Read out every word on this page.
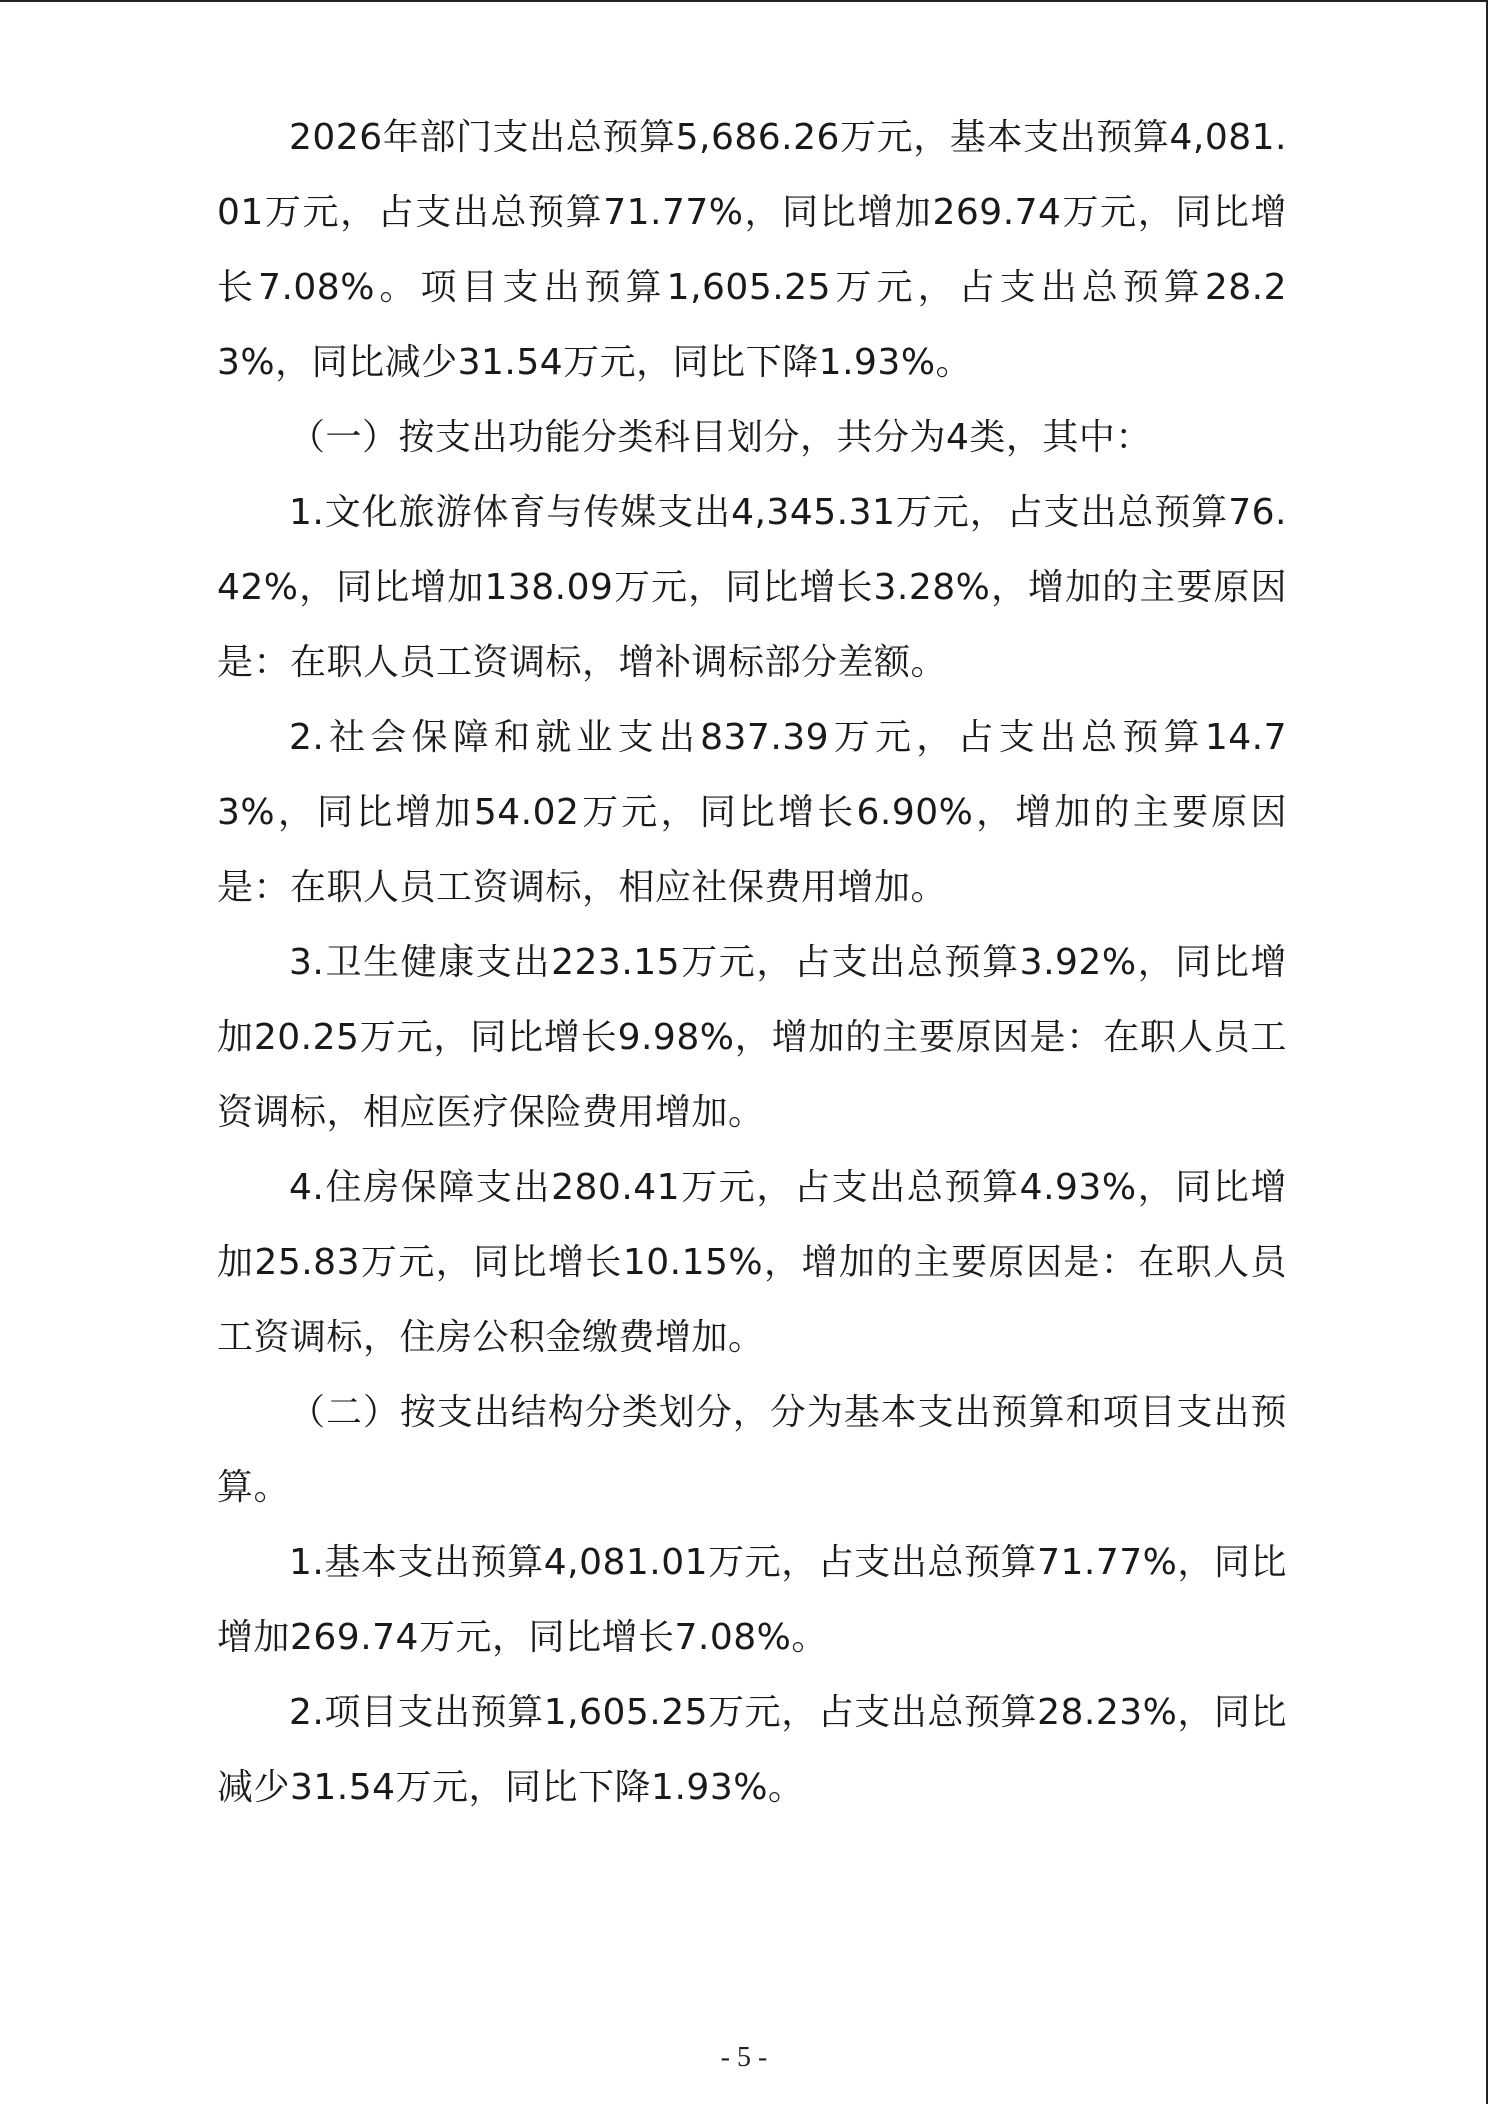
2026年部门支出总预算5,686.26万元，基本支出预算4,081.01万元，占支出总预算71.77%，同比增加269.74万元，同比增长7.08%。项目支出预算1,605.25万元，占支出总预算28.23%，同比减少31.54万元，同比下降1.93%。

（一）按支出功能分类科目划分，共分为4类，其中：

1.文化旅游体育与传媒支出4,345.31万元，占支出总预算76.42%，同比增加138.09万元，同比增长3.28%，增加的主要原因是：在职人员工资调标，增补调标部分差额。

2.社会保障和就业支出837.39万元，占支出总预算14.73%，同比增加54.02万元，同比增长6.90%，增加的主要原因是：在职人员工资调标，相应社保费用增加。

3.卫生健康支出223.15万元，占支出总预算3.92%，同比增加20.25万元，同比增长9.98%，增加的主要原因是：在职人员工资调标，相应医疗保险费用增加。

4.住房保障支出280.41万元，占支出总预算4.93%，同比增加25.83万元，同比增长10.15%，增加的主要原因是：在职人员工资调标，住房公积金缴费增加。

（二）按支出结构分类划分，分为基本支出预算和项目支出预算。

1.基本支出预算4,081.01万元，占支出总预算71.77%，同比增加269.74万元，同比增长7.08%。

2.项目支出预算1,605.25万元，占支出总预算28.23%，同比减少31.54万元，同比下降1.93%。

- 5 -
